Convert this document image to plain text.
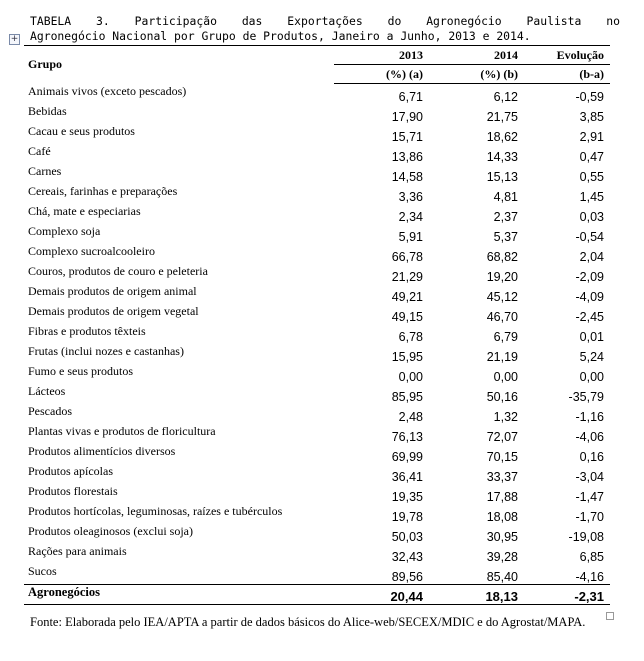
TABELA 3. Participação das Exportações do Agronegócio Paulista no
Agronegócio Nacional por Grupo de Produtos, Janeiro a Junho, 2013 e 2014.
+
Grupo	2013	2014	Evolução
	(%) (a)	(%) (b)	(b-a)
Animais vivos (exceto pescados)	6,71	6,12	-0,59
Bebidas	17,90	21,75	3,85
Cacau e seus produtos	15,71	18,62	2,91
Café	13,86	14,33	0,47
Carnes	14,58	15,13	0,55
Cereais, farinhas e preparações	3,36	4,81	1,45
Chá, mate e especiarias	2,34	2,37	0,03
Complexo soja	5,91	5,37	-0,54
Complexo sucroalcooleiro	66,78	68,82	2,04
Couros, produtos de couro e peleteria	21,29	19,20	-2,09
Demais produtos de origem animal	49,21	45,12	-4,09
Demais produtos de origem vegetal	49,15	46,70	-2,45
Fibras e produtos têxteis	6,78	6,79	0,01
Frutas (inclui nozes e castanhas)	15,95	21,19	5,24
Fumo e seus produtos	0,00	0,00	0,00
Lácteos	85,95	50,16	-35,79
Pescados	2,48	1,32	-1,16
Plantas vivas e produtos de floricultura	76,13	72,07	-4,06
Produtos alimentícios diversos	69,99	70,15	0,16
Produtos apícolas	36,41	33,37	-3,04
Produtos florestais	19,35	17,88	-1,47
Produtos hortícolas, leguminosas, raízes e tubérculos	19,78	18,08	-1,70
Produtos oleaginosos (exclui soja)	50,03	30,95	-19,08
Rações para animais	32,43	39,28	6,85
Sucos	89,56	85,40	-4,16
Agronegócios	20,44	18,13	-2,31
Fonte: Elaborada pelo IEA/APTA a partir de dados básicos do Alice-web/SECEX/MDIC e do Agrostat/MAPA.
